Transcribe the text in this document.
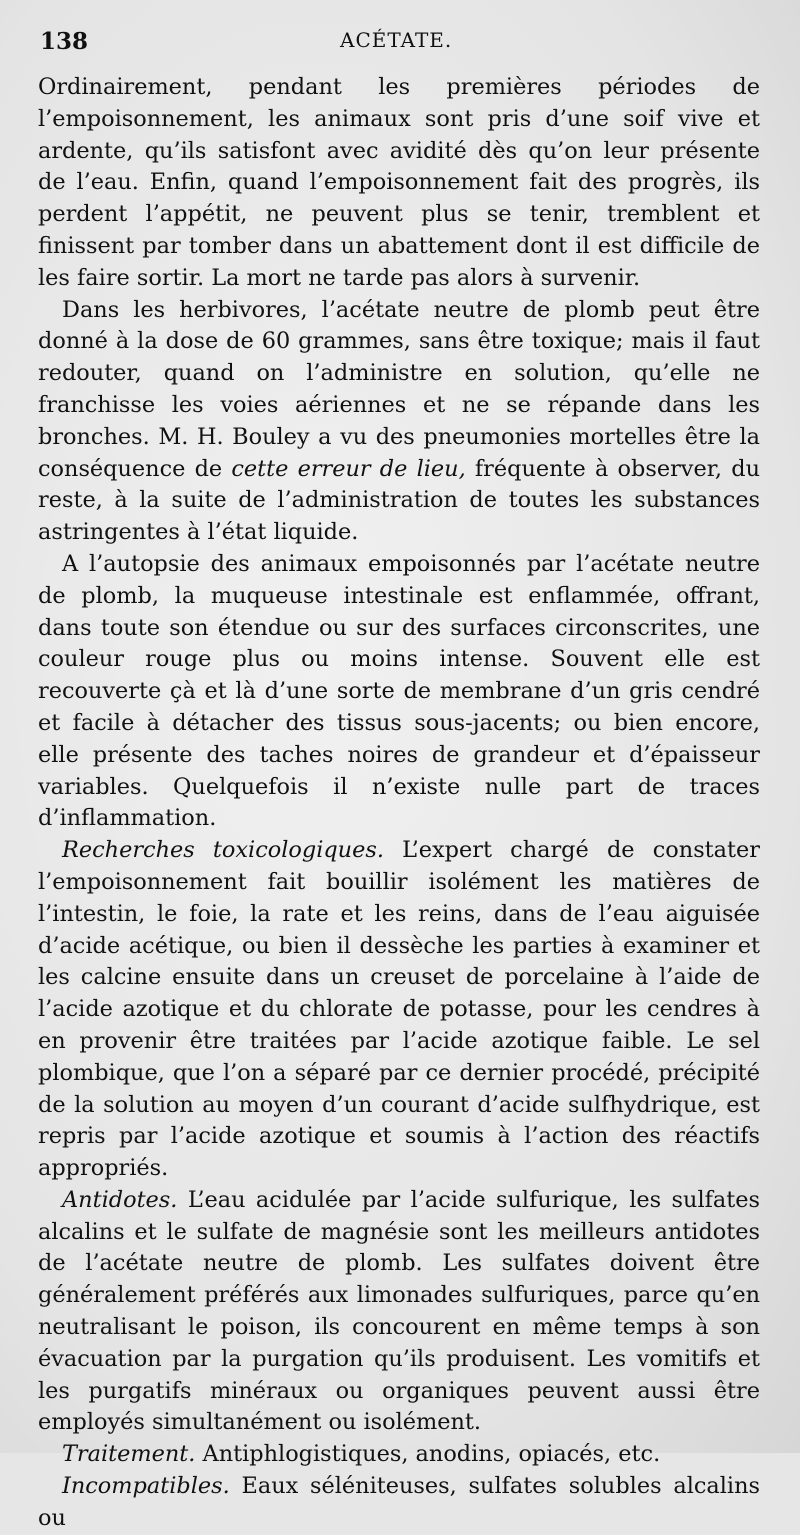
138	ACÉTATE.

Ordinairement, pendant les premières périodes de l’empoisonnement, les animaux sont pris d’une soif vive et ardente, qu’ils satisfont avec avidité dès qu’on leur présente de l’eau. Enfin, quand l’empoisonnement fait des progrès, ils perdent l’appétit, ne peuvent plus se tenir, tremblent et finissent par tomber dans un abattement dont il est difficile de les faire sortir. La mort ne tarde pas alors à survenir.

Dans les herbivores, l’acétate neutre de plomb peut être donné à la dose de 60 grammes, sans être toxique; mais il faut redouter, quand on l’administre en solution, qu’elle ne franchisse les voies aériennes et ne se répande dans les bronches. M. H. Bouley a vu des pneumonies mortelles être la conséquence de cette erreur de lieu, fréquente à observer, du reste, à la suite de l’administration de toutes les substances astringentes à l’état liquide.

A l’autopsie des animaux empoisonnés par l’acétate neutre de plomb, la muqueuse intestinale est enflammée, offrant, dans toute son étendue ou sur des surfaces circonscrites, une couleur rouge plus ou moins intense. Souvent elle est recouverte çà et là d’une sorte de membrane d’un gris cendré et facile à détacher des tissus sous-jacents; ou bien encore, elle présente des taches noires de grandeur et d’épaisseur variables. Quelquefois il n’existe nulle part de traces d’inflammation.

Recherches toxicologiques. L’expert chargé de constater l’empoisonnement fait bouillir isolément les matières de l’intestin, le foie, la rate et les reins, dans de l’eau aiguisée d’acide acétique, ou bien il dessèche les parties à examiner et les calcine ensuite dans un creuset de porcelaine à l’aide de l’acide azotique et du chlorate de potasse, pour les cendres à en provenir être traitées par l’acide azotique faible. Le sel plombique, que l’on a séparé par ce dernier procédé, précipité de la solution au moyen d’un courant d’acide sulfhydrique, est repris par l’acide azotique et soumis à l’action des réactifs appropriés.

Antidotes. L’eau acidulée par l’acide sulfurique, les sulfates alcalins et le sulfate de magnésie sont les meilleurs antidotes de l’acétate neutre de plomb. Les sulfates doivent être généralement préférés aux limonades sulfuriques, parce qu’en neutralisant le poison, ils concourent en même temps à son évacuation par la purgation qu’ils produisent. Les vomitifs et les purgatifs minéraux ou organiques peuvent aussi être employés simultanément ou isolément.

Traitement. Antiphlogistiques, anodins, opiacés, etc.

Incompatibles. Eaux séléniteuses, sulfates solubles alcalins ou
